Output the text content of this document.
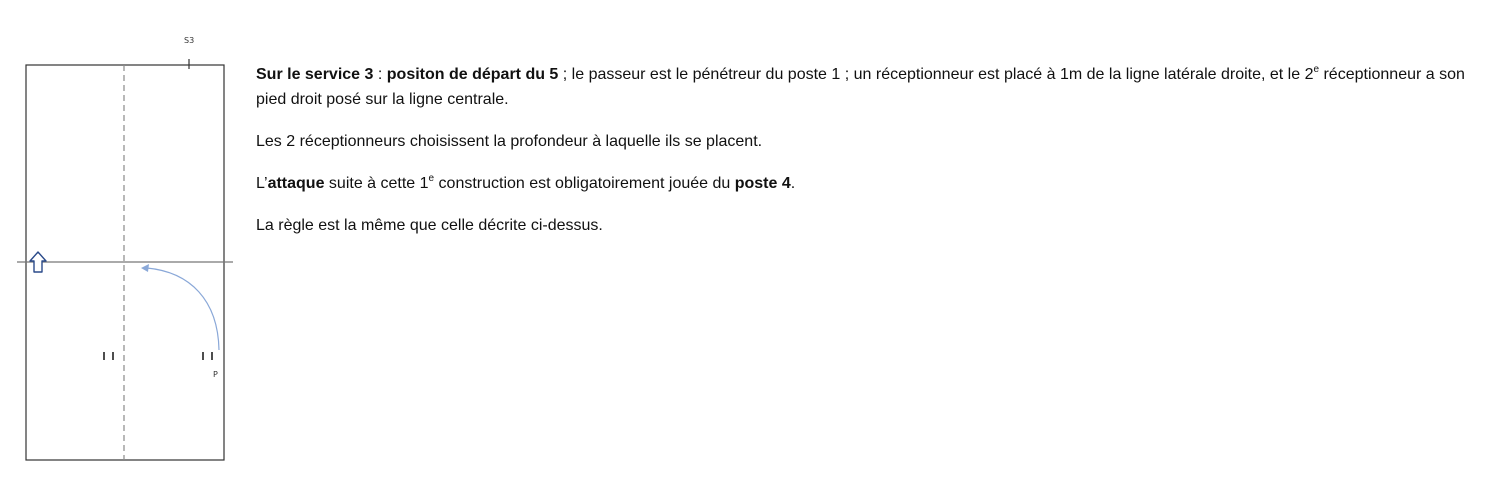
S3
P

Sur le service 3 : positon de départ du 5 ; le passeur est le pénétreur du poste 1 ; un réceptionneur est placé à 1m de la ligne latérale droite, et le 2e réceptionneur a son pied droit posé sur la ligne centrale.

Les 2 réceptionneurs choisissent la profondeur à laquelle ils se placent.

L’attaque suite à cette 1e construction est obligatoirement jouée du poste 4.

La règle est la même que celle décrite ci-dessus.
